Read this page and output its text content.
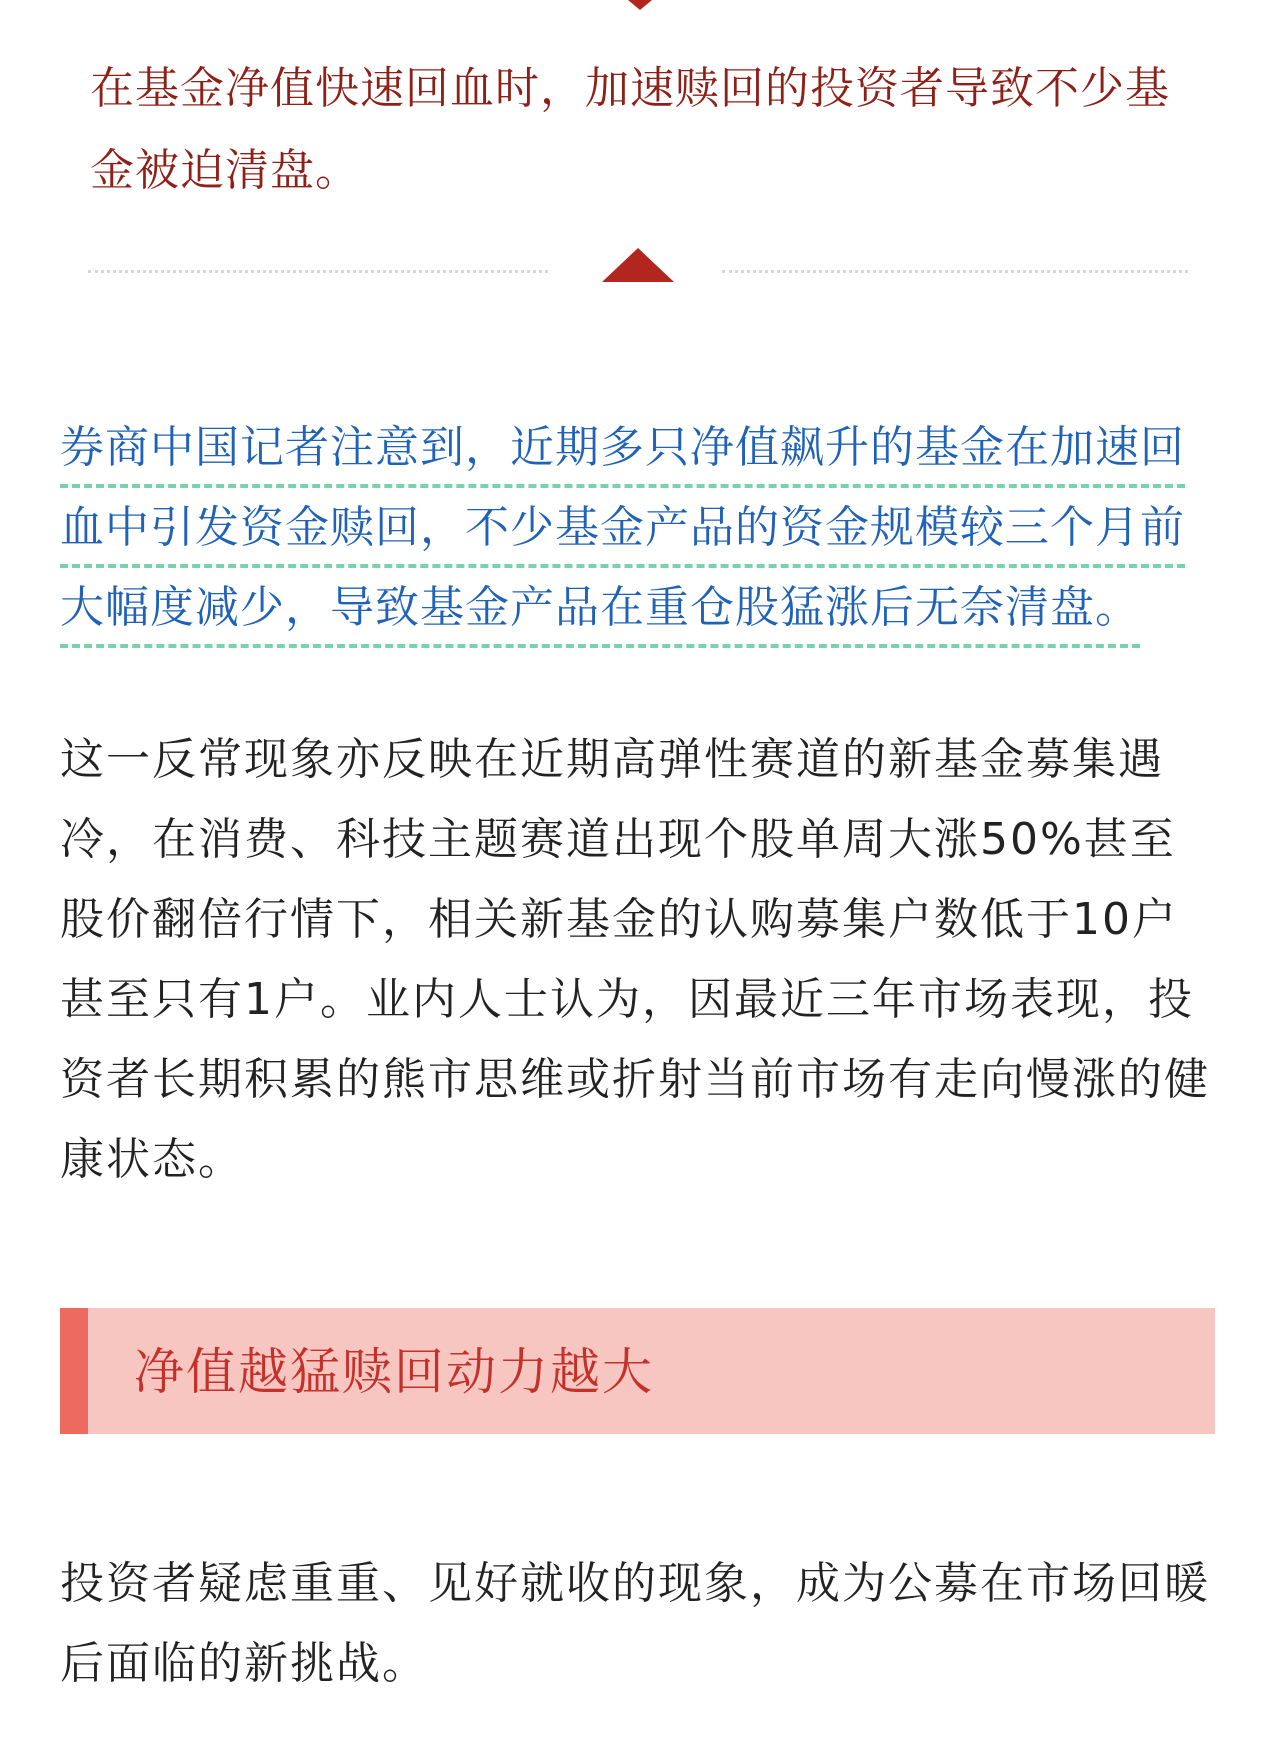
在基金净值快速回血时，加速赎回的投资者导致不少基金被迫清盘。
券商中国记者注意到，近期多只净值飙升的基金在加速回
血中引发资金赎回，不少基金产品的资金规模较三个月前
大幅度减少，导致基金产品在重仓股猛涨后无奈清盘。
这一反常现象亦反映在近期高弹性赛道的新基金募集遇冷，在消费、科技主题赛道出现个股单周大涨50%甚至股价翻倍行情下，相关新基金的认购募集户数低于10户甚至只有1户。业内人士认为，因最近三年市场表现，投资者长期积累的熊市思维或折射当前市场有走向慢涨的健康状态。
净值越猛赎回动力越大
投资者疑虑重重、见好就收的现象，成为公募在市场回暖后面临的新挑战。
